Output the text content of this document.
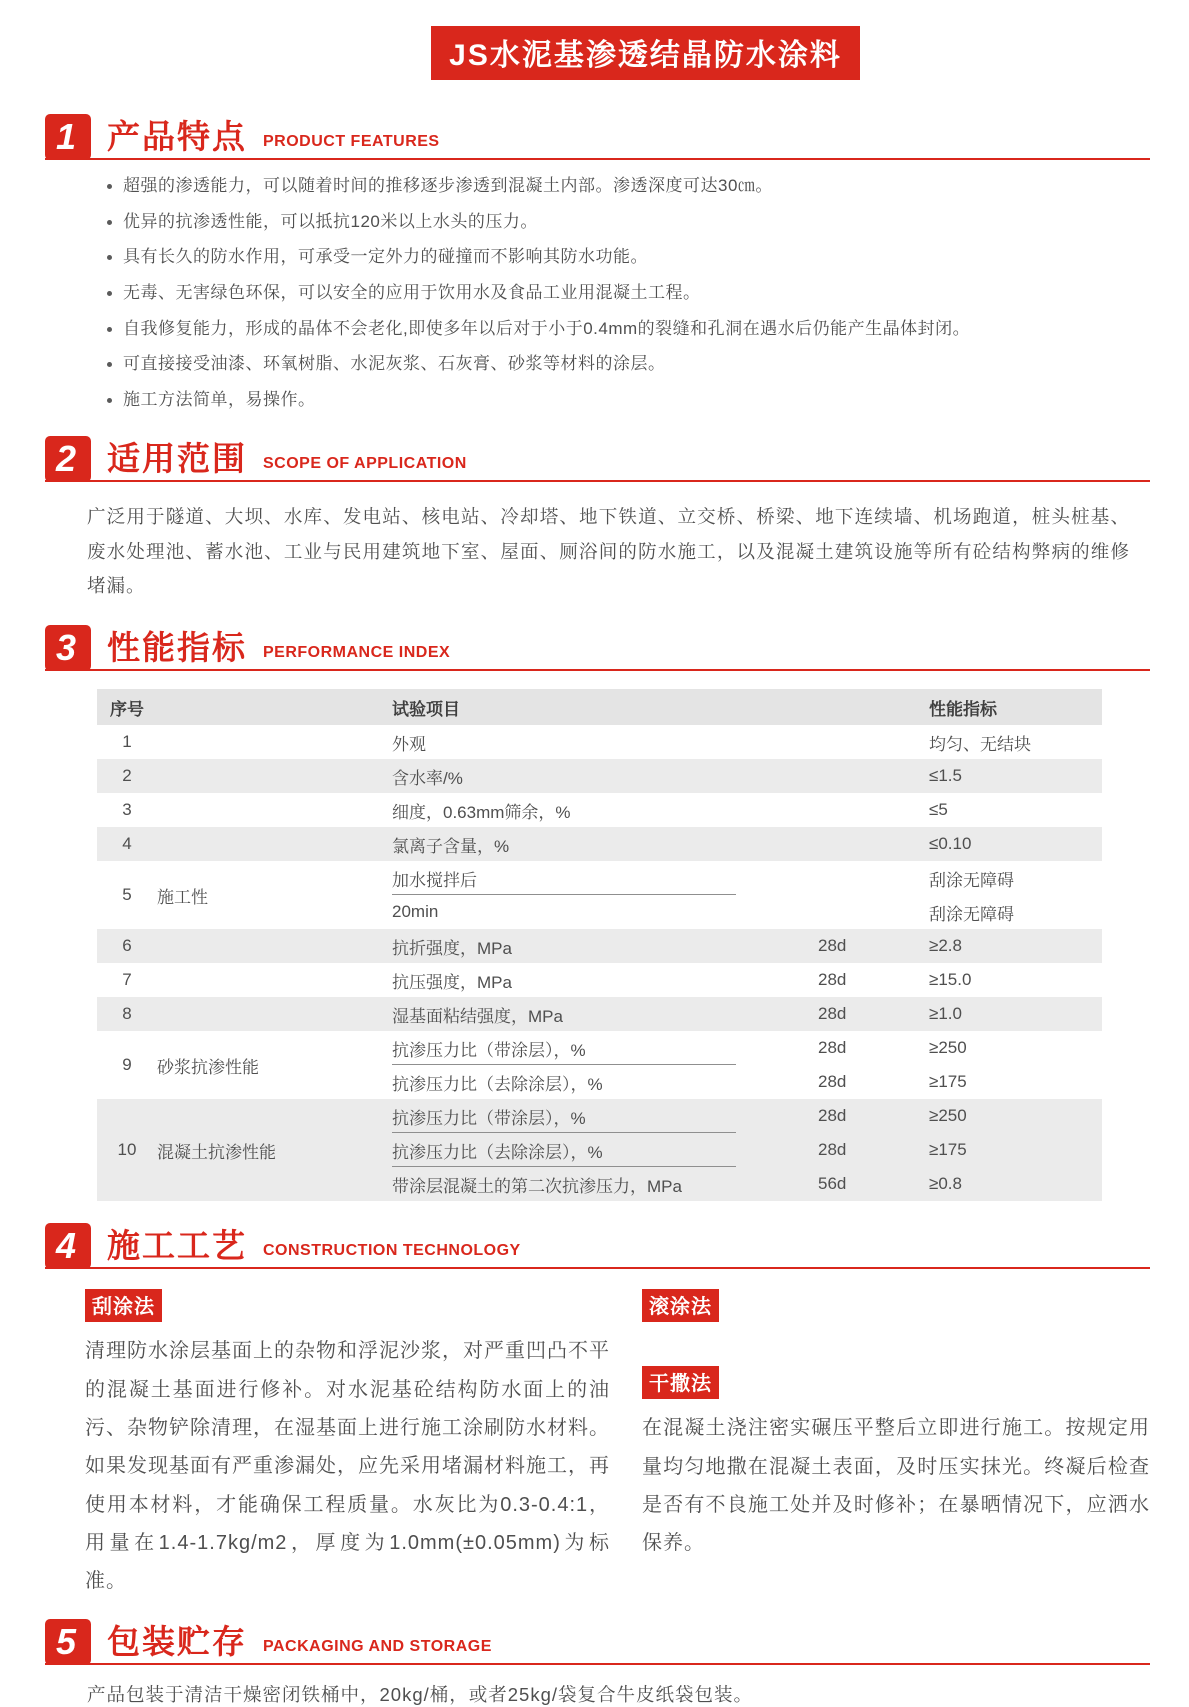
JS水泥基渗透结晶防水涂料
1 产品特点 PRODUCT FEATURES
超强的渗透能力，可以随着时间的推移逐步渗透到混凝土内部。渗透深度可达30㎝。
优异的抗渗透性能，可以抵抗120米以上水头的压力。
具有长久的防水作用，可承受一定外力的碰撞而不影响其防水功能。
无毒、无害绿色环保，可以安全的应用于饮用水及食品工业用混凝土工程。
自我修复能力，形成的晶体不会老化,即使多年以后对于小于0.4mm的裂缝和孔洞在遇水后仍能产生晶体封闭。
可直接接受油漆、环氧树脂、水泥灰浆、石灰膏、砂浆等材料的涂层。
施工方法简单，易操作。
2 适用范围 SCOPE OF APPLICATION

广泛用于隧道、大坝、水库、发电站、核电站、冷却塔、地下铁道、立交桥、桥梁、地下连续墙、机场跑道，桩头桩基、废水处理池、蓄水池、工业与民用建筑地下室、屋面、厕浴间的防水施工，以及混凝土建筑设施等所有砼结构弊病的维修堵漏。

3 性能指标 PERFORMANCE INDEX
序号	试验项目	性能指标
1	外观	均匀、无结块
2	含水率/%	≤1.5
3	细度，0.63mm筛余，%	≤5
4	氯离子含量，%	≤0.10
5	施工性
加水搅拌后	刮涂无障碍
20min	刮涂无障碍
6	抗折强度，MPa	28d	≥2.8
7	抗压强度，MPa	28d	≥15.0
8	湿基面粘结强度，MPa	28d	≥1.0
9	砂浆抗渗性能
抗渗压力比（带涂层），%	28d	≥250
抗渗压力比（去除涂层），%	28d	≥175
10	混凝土抗渗性能
抗渗压力比（带涂层），%	28d	≥250
抗渗压力比（去除涂层），%	28d	≥175
带涂层混凝土的第二次抗渗压力，MPa	56d	≥0.8
4 施工工艺 CONSTRUCTION TECHNOLOGY
刮涂法

清理防水涂层基面上的杂物和浮泥沙浆，对严重凹凸不平的混凝土基面进行修补。对水泥基砼结构防水面上的油污、杂物铲除清理，在湿基面上进行施工涂刷防水材料。如果发现基面有严重渗漏处，应先采用堵漏材料施工，再使用本材料，才能确保工程质量。水灰比为0.3-0.4:1，用量在1.4-1.7kg/m2，厚度为1.0mm(±0.05mm)为标准。

滚涂法
干撒法

在混凝土浇注密实碾压平整后立即进行施工。按规定用量均匀地撒在混凝土表面，及时压实抹光。终凝后检查是否有不良施工处并及时修补；在暴晒情况下，应洒水保养。

5 包装贮存 PACKAGING AND STORAGE

产品包装于清洁干燥密闭铁桶中，20kg/桶，或者25kg/袋复合牛皮纸袋包装。
